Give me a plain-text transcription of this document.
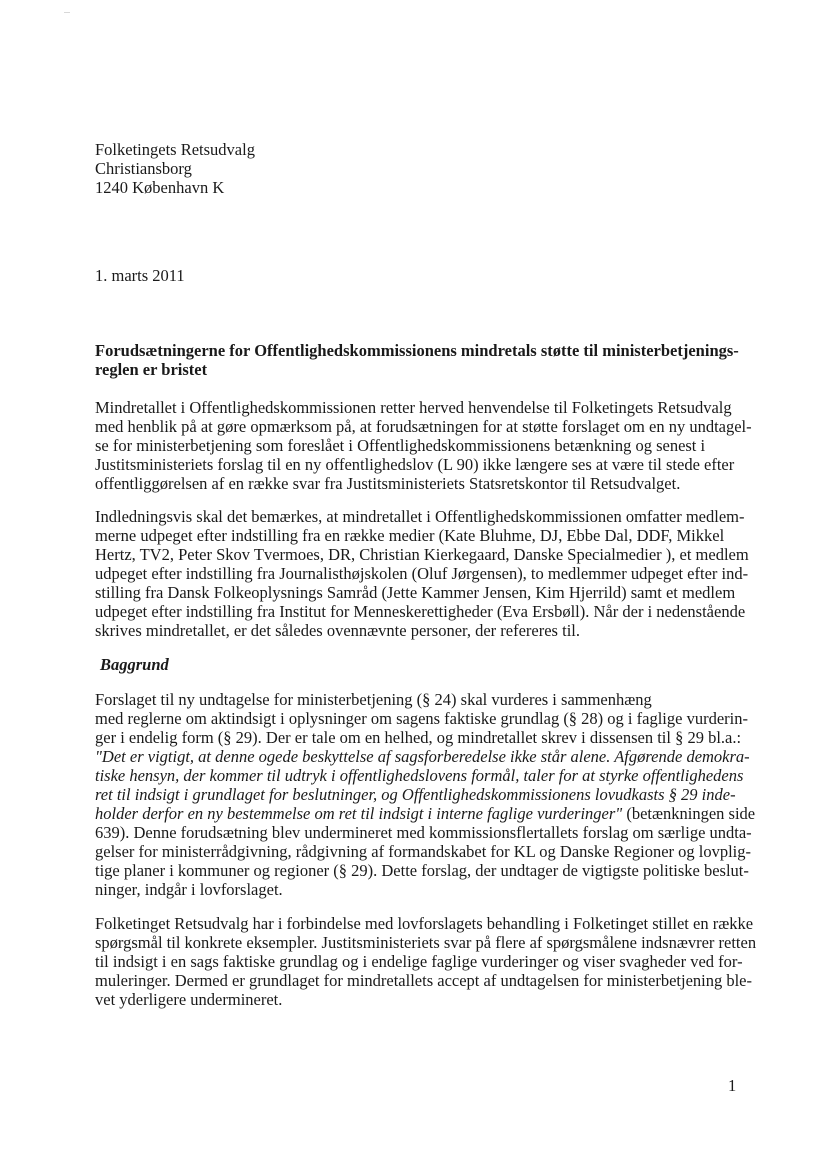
Folketingets Retsudvalg
Christiansborg
1240 København K
1. marts 2011
Forudsætningerne for Offentlighedskommissionens mindretals støtte til ministerbetjenings-
reglen er bristet
Mindretallet i Offentlighedskommissionen retter herved henvendelse til Folketingets Retsudvalg
med henblik på at gøre opmærksom på, at forudsætningen for at støtte forslaget om en ny undtagel-
se for ministerbetjening som foreslået i Offentlighedskommissionens betænkning og senest i
Justitsministeriets forslag til en ny offentlighedslov (L 90) ikke længere ses at være til stede efter
offentliggørelsen af en række svar fra Justitsministeriets Statsretskontor til Retsudvalget.
Indledningsvis skal det bemærkes, at mindretallet i Offentlighedskommissionen omfatter medlem-
merne udpeget efter indstilling fra en række medier (Kate Bluhme, DJ, Ebbe Dal, DDF, Mikkel
Hertz, TV2, Peter Skov Tvermoes, DR, Christian Kierkegaard, Danske Specialmedier ), et medlem
udpeget efter indstilling fra Journalisthøjskolen (Oluf Jørgensen), to medlemmer udpeget efter ind-
stilling fra Dansk Folkeoplysnings Samråd (Jette Kammer Jensen, Kim Hjerrild) samt et medlem
udpeget efter indstilling fra Institut for Menneskerettigheder (Eva Ersbøll). Når der i nedenstående
skrives mindretallet, er det således ovennævnte personer, der refereres til.
Baggrund
Forslaget til ny undtagelse for ministerbetjening (§ 24) skal vurderes i sammenhæng
med reglerne om aktindsigt i oplysninger om sagens faktiske grundlag (§ 28) og i faglige vurderin-
ger i endelig form (§ 29). Der er tale om en helhed, og mindretallet skrev i dissensen til § 29 bl.a.:
"Det er vigtigt, at denne ogede beskyttelse af sagsforberedelse ikke står alene. Afgørende demokra-
tiske hensyn, der kommer til udtryk i offentlighedslovens formål, taler for at styrke offentlighedens
ret til indsigt i grundlaget for beslutninger, og Offentlighedskommissionens lovudkasts § 29 inde-
holder derfor en ny bestemmelse om ret til indsigt i interne faglige vurderinger" (betænkningen side
639). Denne forudsætning blev undermineret med kommissionsflertallets forslag om særlige undta-
gelser for ministerrådgivning, rådgivning af formandskabet for KL og Danske Regioner og lovplig-
tige planer i kommuner og regioner (§ 29). Dette forslag, der undtager de vigtigste politiske beslut-
ninger, indgår i lovforslaget.
Folketinget Retsudvalg har i forbindelse med lovforslagets behandling i Folketinget stillet en række
spørgsmål til konkrete eksempler. Justitsministeriets svar på flere af spørgsmålene indsnævrer retten
til indsigt i en sags faktiske grundlag og i endelige faglige vurderinger og viser svagheder ved for-
muleringer. Dermed er grundlaget for mindretallets accept af undtagelsen for ministerbetjening ble-
vet yderligere undermineret.
1
